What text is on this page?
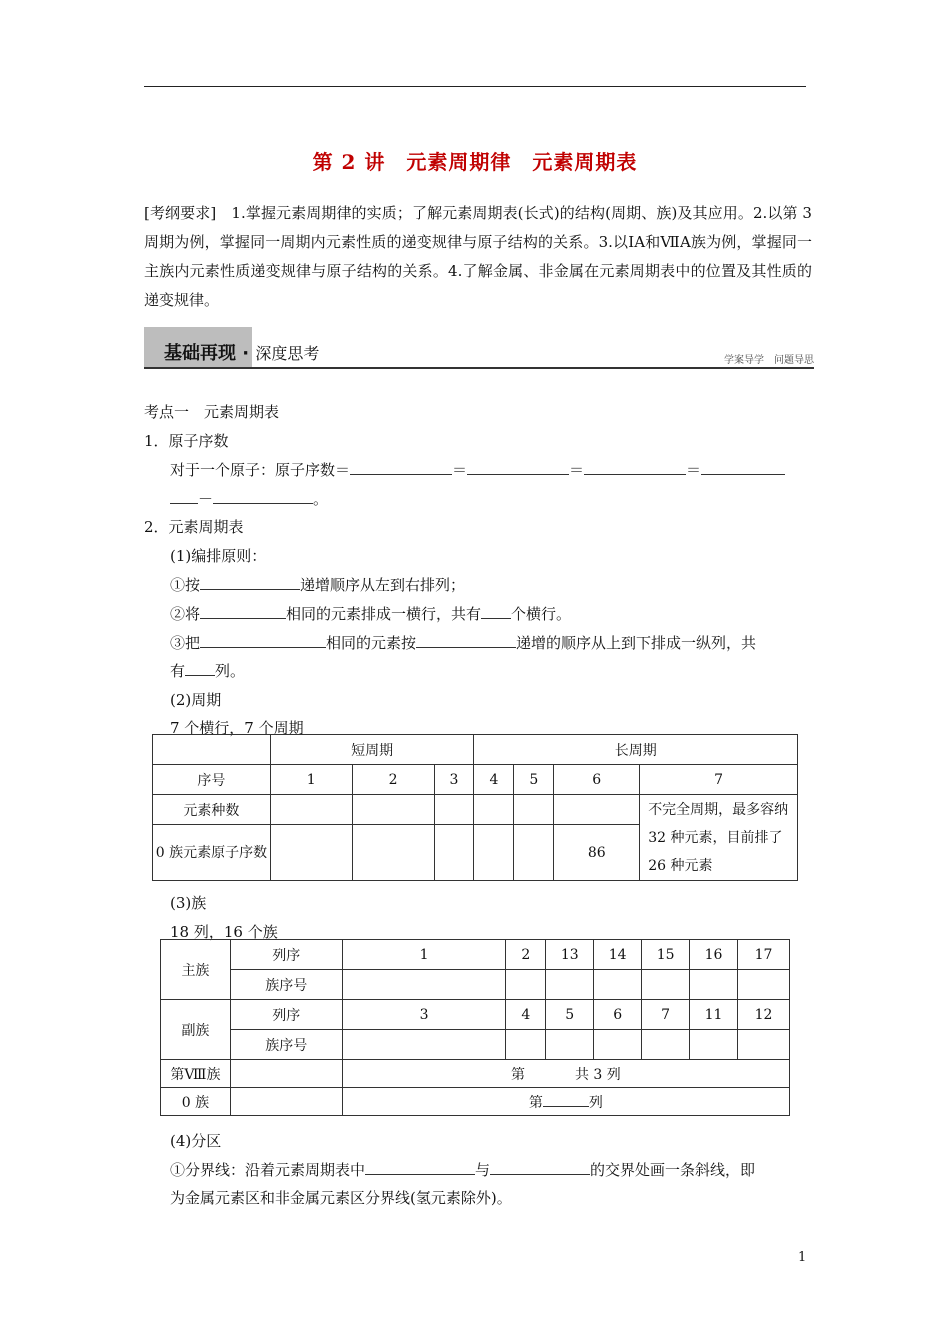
第 2 讲　元素周期律　元素周期表
[考纲要求]　1.掌握元素周期律的实质；了解元素周期表(长式)的结构(周期、族)及其应用。2.以第 3 周期为例，掌握同一周期内元素性质的递变规律与原子结构的关系。3.以ⅠA和ⅦA族为例，掌握同一主族内元素性质递变规律与原子结构的关系。4.了解金属、非金属在元素周期表中的位置及其性质的递变规律。
基础再现 · 深度思考	学案导学　问题导思
考点一　元素周期表
1．原子序数
对于一个原子：原子序数＝	＝	＝	＝
－	。
2．元素周期表
(1)编排原则：
①按	递增顺序从左到右排列；
②将	相同的元素排成一横行，共有 个横行。
③把	相同的元素按	递增的顺序从上到下排成一纵列，共
有 列。
(2)周期
7 个横行，7 个周期
	短周期			长周期			
序号	1	2	3	4	5	6	7
元素种数							不完全周期，最多容纳 32 种元素，目前排了 26 种元素
0 族元素原子序数						86	
(3)族
18 列，16 个族
主族	列序	1	2	13	14	15	16	17
	族序号							
副族	列序	3	4	5	6	7	11	12
	族序号							
第Ⅷ族		第 共 3 列						
0 族		第 列						
(4)分区
①分界线：沿着元素周期表中	与	的交界处画一条斜线，即
为金属元素区和非金属元素区分界线(氢元素除外)。
1
